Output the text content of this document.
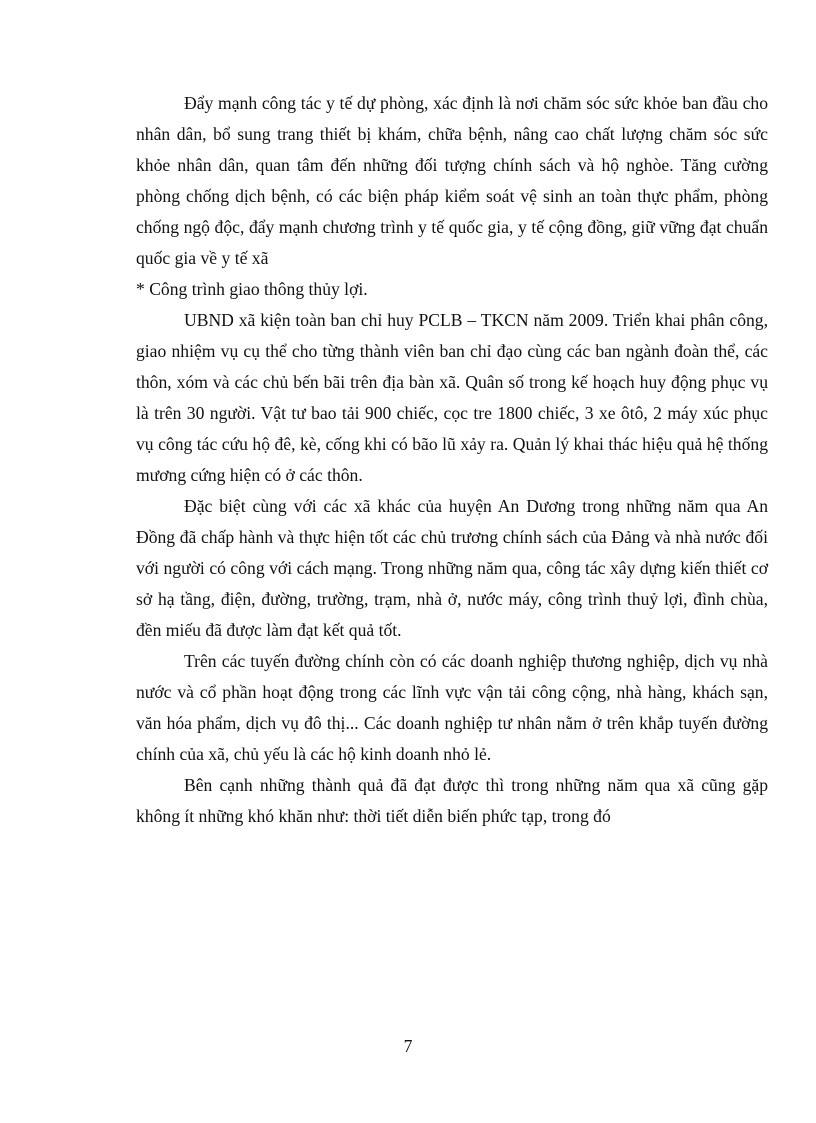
Đẩy mạnh công tác y tế dự phòng, xác định là nơi chăm sóc sức khỏe ban đầu cho nhân dân, bổ sung trang thiết bị khám, chữa bệnh, nâng cao chất lượng chăm sóc sức khỏe nhân dân, quan tâm đến những đối tượng chính sách và hộ nghòe. Tăng cường phòng chống dịch bệnh, có các biện pháp kiểm soát vệ sinh an toàn thực phẩm, phòng chống ngộ độc, đẩy mạnh chương trình y tế quốc gia, y tế cộng đồng, giữ vững đạt chuẩn quốc gia về y tế xã

* Công trình giao thông thủy lợi.

UBND xã kiện toàn ban chỉ huy PCLB – TKCN năm 2009. Triển khai phân công, giao nhiệm vụ cụ thể cho từng thành viên ban chỉ đạo cùng các ban ngành đoàn thể, các thôn, xóm và các chủ bến bãi trên địa bàn xã. Quân số trong kế hoạch huy động phục vụ là trên 30 người. Vật tư bao tải 900 chiếc, cọc tre 1800 chiếc, 3 xe ôtô, 2 máy xúc phục vụ công tác cứu hộ đê, kè, cống khi có bão lũ xảy ra. Quản lý khai thác hiệu quả hệ thống mương cứng hiện có ở các thôn.

Đặc biệt cùng với các xã khác của huyện An Dương trong những năm qua An Đồng đã chấp hành và thực hiện tốt các chủ trương chính sách của Đảng và nhà nước đối với người có công với cách mạng. Trong những năm qua, công tác xây dựng kiến thiết cơ sở hạ tầng, điện, đường, trường, trạm, nhà ở, nước máy, công trình thuỷ lợi, đình chùa, đền miếu đã được làm đạt kết quả tốt.

Trên các tuyến đường chính còn có các doanh nghiệp thương nghiệp, dịch vụ nhà nước và cổ phần hoạt động trong các lĩnh vực vận tải công cộng, nhà hàng, khách sạn, văn hóa phẩm, dịch vụ đô thị... Các doanh nghiệp tư nhân nằm ở trên khắp tuyến đường chính của xã, chủ yếu là các hộ kinh doanh nhỏ lẻ.

Bên cạnh những thành quả đã đạt được thì trong những năm qua xã cũng gặp không ít những khó khăn như: thời tiết diễn biến phức tạp, trong đó

7
